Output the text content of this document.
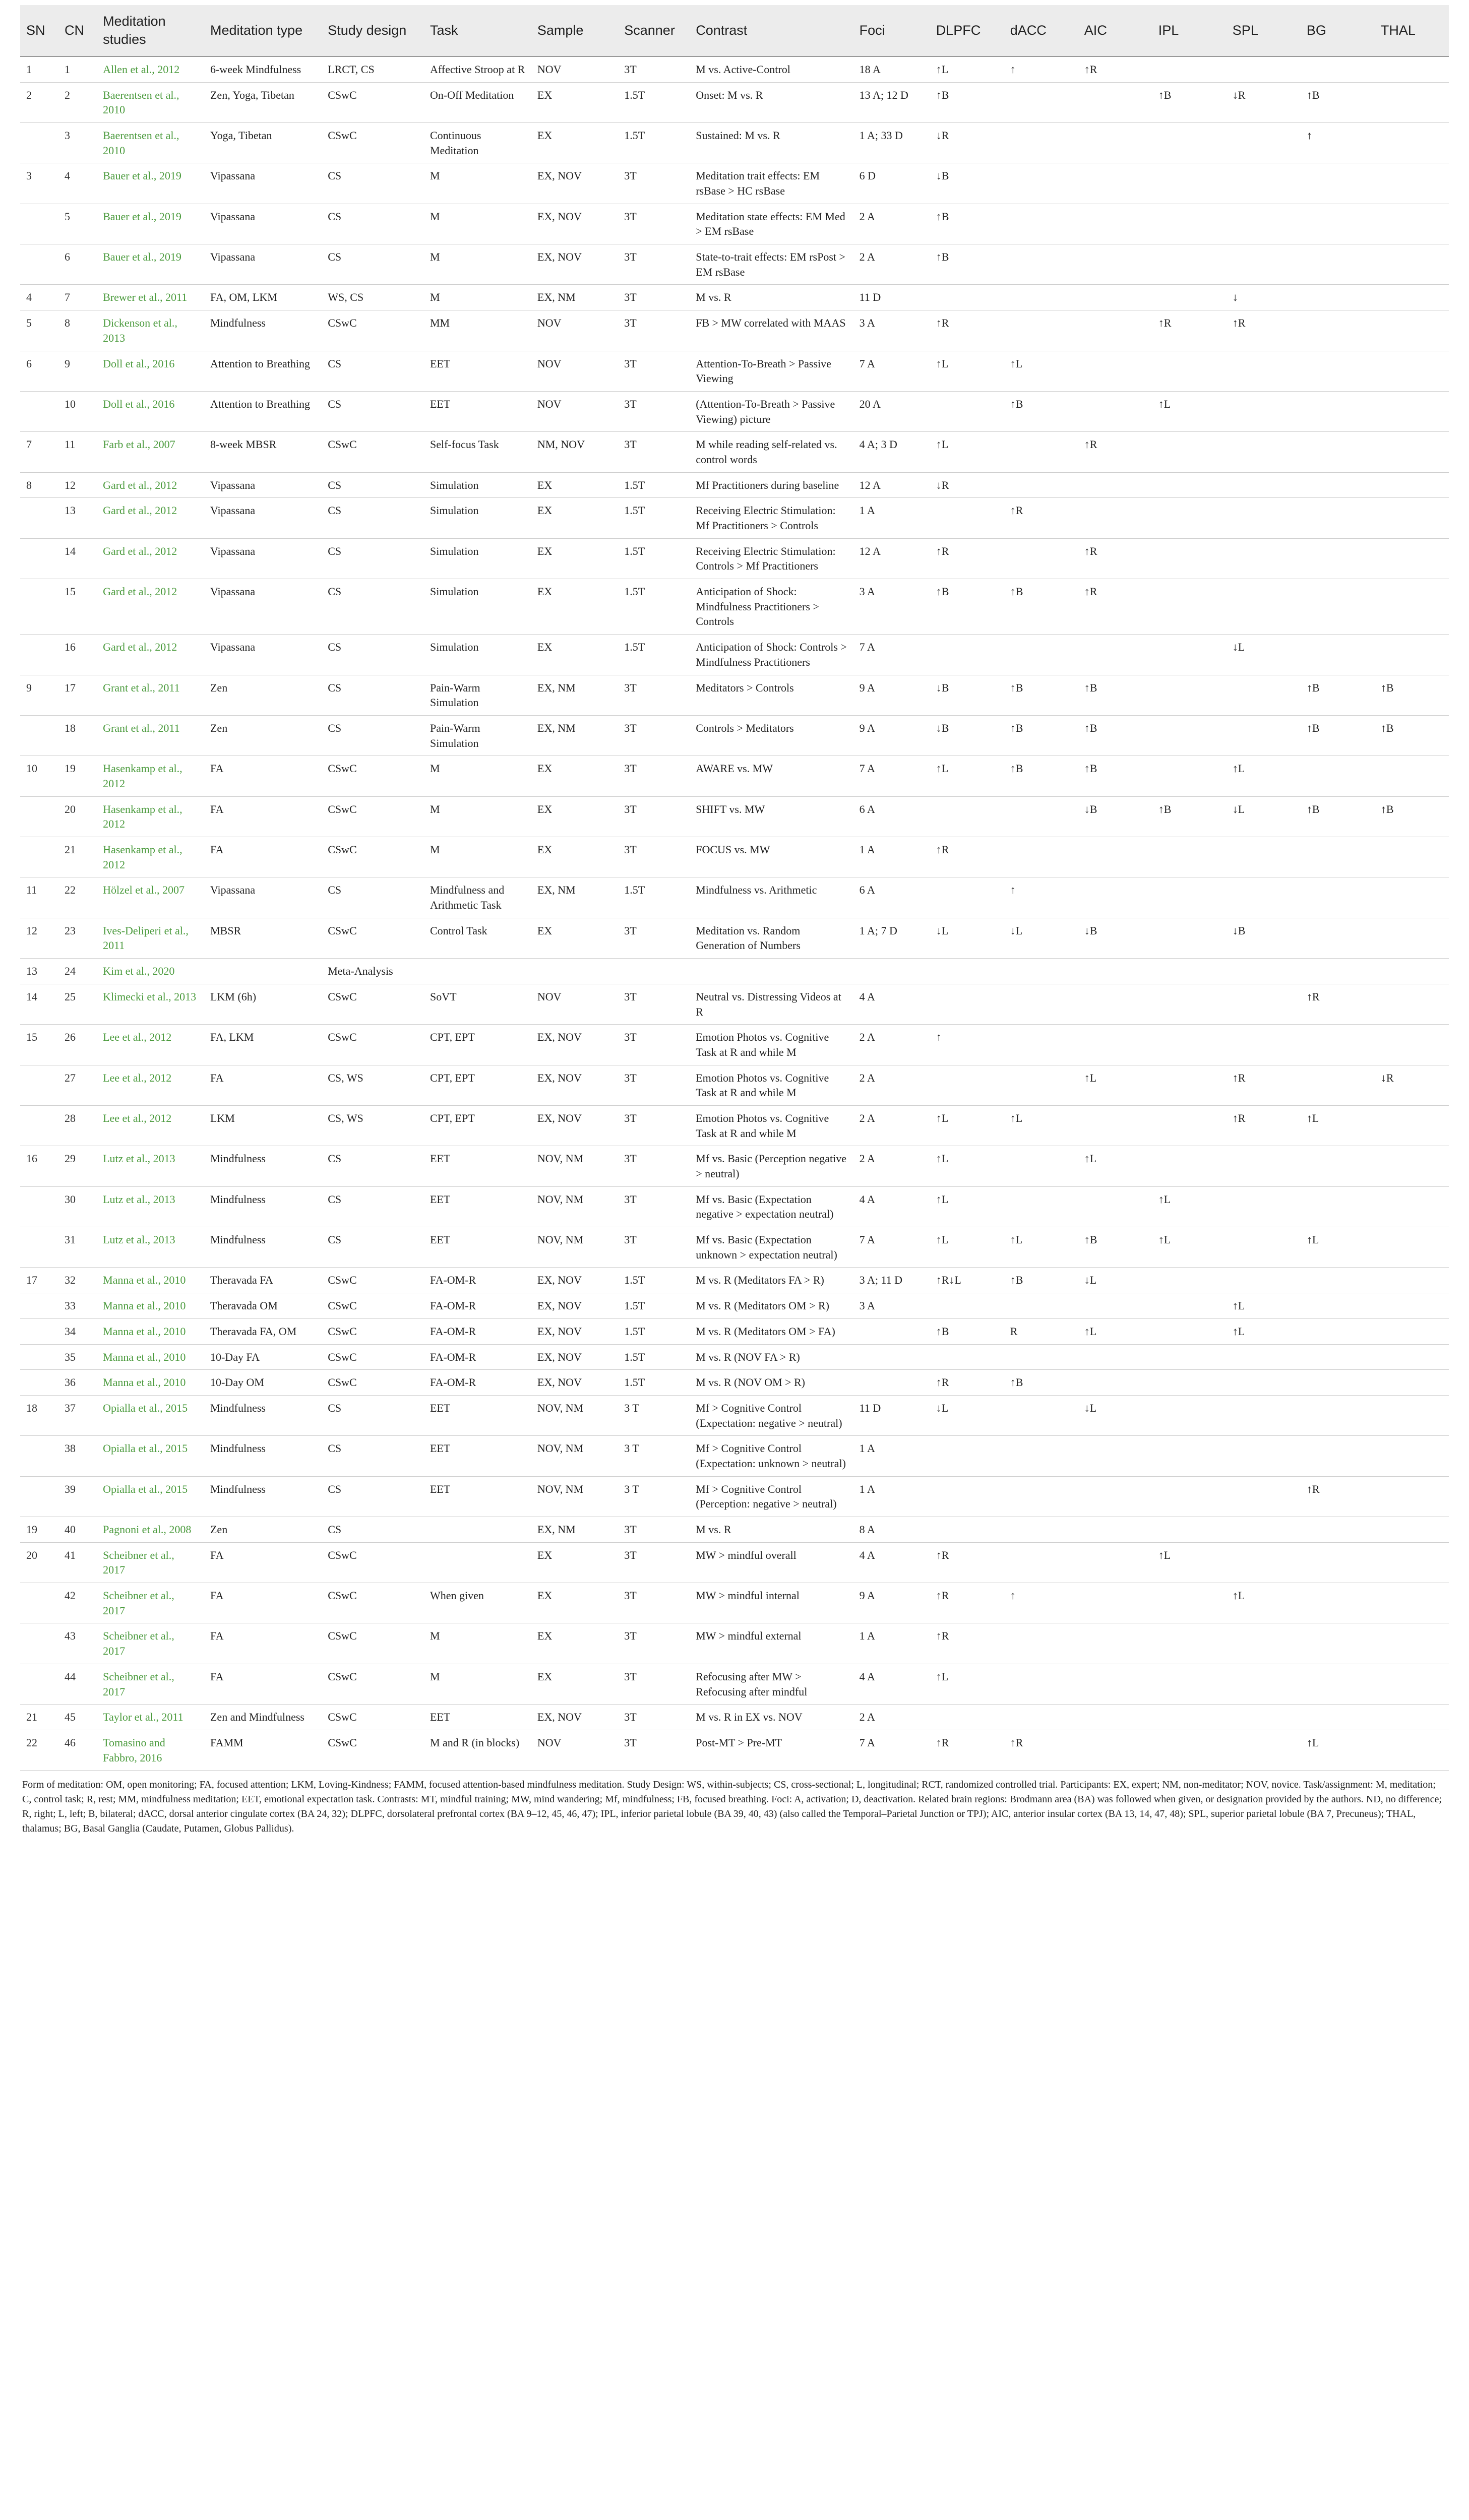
SN	CN	Meditation studies	Meditation type	Study design	Task	Sample	Scanner	Contrast	Foci	DLPFC	dACC	AIC	IPL	SPL	BG	THAL
1	1	Allen et al., 2012	6-week Mindfulness	LRCT, CS	Affective Stroop at R	NOV	3T	M vs. Active-Control	18 A	↑L	↑	↑R				
2	2	Baerentsen et al., 2010	Zen, Yoga, Tibetan	CSwC	On-Off Meditation	EX	1.5T	Onset: M vs. R	13 A; 12 D	↑B			↑B	↓R	↑B	
	3	Baerentsen et al., 2010	Yoga, Tibetan	CSwC	Continuous Meditation	EX	1.5T	Sustained: M vs. R	1 A; 33 D	↓R					↑	
3	4	Bauer et al., 2019	Vipassana	CS	M	EX, NOV	3T	Meditation trait effects: EM rsBase > HC rsBase	6 D	↓B						
	5	Bauer et al., 2019	Vipassana	CS	M	EX, NOV	3T	Meditation state effects: EM Med > EM rsBase	2 A	↑B						
	6	Bauer et al., 2019	Vipassana	CS	M	EX, NOV	3T	State-to-trait effects: EM rsPost > EM rsBase	2 A	↑B						
4	7	Brewer et al., 2011	FA, OM, LKM	WS, CS	M	EX, NM	3T	M vs. R	11 D					↓		
5	8	Dickenson et al., 2013	Mindfulness	CSwC	MM	NOV	3T	FB > MW correlated with MAAS	3 A	↑R			↑R	↑R		
6	9	Doll et al., 2016	Attention to Breathing	CS	EET	NOV	3T	Attention-To-Breath > Passive Viewing	7 A	↑L	↑L					
	10	Doll et al., 2016	Attention to Breathing	CS	EET	NOV	3T	(Attention-To-Breath > Passive Viewing) picture	20 A		↑B		↑L			
7	11	Farb et al., 2007	8-week MBSR	CSwC	Self-focus Task	NM, NOV	3T	M while reading self-related vs. control words	4 A; 3 D	↑L		↑R				
8	12	Gard et al., 2012	Vipassana	CS	Simulation	EX	1.5T	Mf Practitioners during baseline	12 A	↓R						
	13	Gard et al., 2012	Vipassana	CS	Simulation	EX	1.5T	Receiving Electric Stimulation: Mf Practitioners > Controls	1 A		↑R					
	14	Gard et al., 2012	Vipassana	CS	Simulation	EX	1.5T	Receiving Electric Stimulation: Controls > Mf Practitioners	12 A	↑R		↑R				
	15	Gard et al., 2012	Vipassana	CS	Simulation	EX	1.5T	Anticipation of Shock: Mindfulness Practitioners > Controls	3 A	↑B	↑B	↑R				
	16	Gard et al., 2012	Vipassana	CS	Simulation	EX	1.5T	Anticipation of Shock: Controls > Mindfulness Practitioners	7 A					↓L		
9	17	Grant et al., 2011	Zen	CS	Pain-Warm Simulation	EX, NM	3T	Meditators > Controls	9 A	↓B	↑B	↑B			↑B	↑B
	18	Grant et al., 2011	Zen	CS	Pain-Warm Simulation	EX, NM	3T	Controls > Meditators	9 A	↓B	↑B	↑B			↑B	↑B
10	19	Hasenkamp et al., 2012	FA	CSwC	M	EX	3T	AWARE vs. MW	7 A	↑L	↑B	↑B		↑L		
	20	Hasenkamp et al., 2012	FA	CSwC	M	EX	3T	SHIFT vs. MW	6 A			↓B	↑B	↓L	↑B	↑B
	21	Hasenkamp et al., 2012	FA	CSwC	M	EX	3T	FOCUS vs. MW	1 A	↑R						
11	22	Hölzel et al., 2007	Vipassana	CS	Mindfulness and Arithmetic Task	EX, NM	1.5T	Mindfulness vs. Arithmetic	6 A		↑					
12	23	Ives-Deliperi et al., 2011	MBSR	CSwC	Control Task	EX	3T	Meditation vs. Random Generation of Numbers	1 A; 7 D	↓L	↓L	↓B		↓B		
13	24	Kim et al., 2020		Meta-Analysis												
14	25	Klimecki et al., 2013	LKM (6h)	CSwC	SoVT	NOV	3T	Neutral vs. Distressing Videos at R	4 A						↑R	
15	26	Lee et al., 2012	FA, LKM	CSwC	CPT, EPT	EX, NOV	3T	Emotion Photos vs. Cognitive Task at R and while M	2 A	↑						
	27	Lee et al., 2012	FA	CS, WS	CPT, EPT	EX, NOV	3T	Emotion Photos vs. Cognitive Task at R and while M	2 A			↑L		↑R		↓R
	28	Lee et al., 2012	LKM	CS, WS	CPT, EPT	EX, NOV	3T	Emotion Photos vs. Cognitive Task at R and while M	2 A	↑L	↑L			↑R	↑L	
16	29	Lutz et al., 2013	Mindfulness	CS	EET	NOV, NM	3T	Mf vs. Basic (Perception negative > neutral)	2 A	↑L		↑L				
	30	Lutz et al., 2013	Mindfulness	CS	EET	NOV, NM	3T	Mf vs. Basic (Expectation negative > expectation neutral)	4 A	↑L			↑L			
	31	Lutz et al., 2013	Mindfulness	CS	EET	NOV, NM	3T	Mf vs. Basic (Expectation unknown > expectation neutral)	7 A	↑L	↑L	↑B	↑L		↑L	
17	32	Manna et al., 2010	Theravada FA	CSwC	FA-OM-R	EX, NOV	1.5T	M vs. R (Meditators FA > R)	3 A; 11 D	↑R↓L	↑B	↓L				
	33	Manna et al., 2010	Theravada OM	CSwC	FA-OM-R	EX, NOV	1.5T	M vs. R (Meditators OM > R)	3 A					↑L		
	34	Manna et al., 2010	Theravada FA, OM	CSwC	FA-OM-R	EX, NOV	1.5T	M vs. R (Meditators OM > FA)		↑B	R	↑L		↑L		
	35	Manna et al., 2010	10-Day FA	CSwC	FA-OM-R	EX, NOV	1.5T	M vs. R (NOV FA > R)								
	36	Manna et al., 2010	10-Day OM	CSwC	FA-OM-R	EX, NOV	1.5T	M vs. R (NOV OM > R)		↑R	↑B					
18	37	Opialla et al., 2015	Mindfulness	CS	EET	NOV, NM	3 T	Mf > Cognitive Control (Expectation: negative > neutral)	11 D	↓L		↓L				
	38	Opialla et al., 2015	Mindfulness	CS	EET	NOV, NM	3 T	Mf > Cognitive Control (Expectation: unknown > neutral)	1 A							
	39	Opialla et al., 2015	Mindfulness	CS	EET	NOV, NM	3 T	Mf > Cognitive Control (Perception: negative > neutral)	1 A						↑R	
19	40	Pagnoni et al., 2008	Zen	CS		EX, NM	3T	M vs. R	8 A							
20	41	Scheibner et al., 2017	FA	CSwC		EX	3T	MW > mindful overall	4 A	↑R			↑L			
	42	Scheibner et al., 2017	FA	CSwC	When given	EX	3T	MW > mindful internal	9 A	↑R	↑			↑L		
	43	Scheibner et al., 2017	FA	CSwC	M	EX	3T	MW > mindful external	1 A	↑R						
	44	Scheibner et al., 2017	FA	CSwC	M	EX	3T	Refocusing after MW > Refocusing after mindful	4 A	↑L						
21	45	Taylor et al., 2011	Zen and Mindfulness	CSwC	EET	EX, NOV	3T	M vs. R in EX vs. NOV	2 A							
22	46	Tomasino and Fabbro, 2016	FAMM	CSwC	M and R (in blocks)	NOV	3T	Post-MT > Pre-MT	7 A	↑R	↑R				↑L	
Form of meditation: OM, open monitoring; FA, focused attention; LKM, Loving-Kindness; FAMM, focused attention-based mindfulness meditation. Study Design: WS, within-subjects; CS, cross-sectional; L, longitudinal; RCT, randomized controlled trial. Participants: EX, expert; NM, non-meditator; NOV, novice. Task/assignment: M, meditation; C, control task; R, rest; MM, mindfulness meditation; EET, emotional expectation task. Contrasts: MT, mindful training; MW, mind wandering; Mf, mindfulness; FB, focused breathing. Foci: A, activation; D, deactivation. Related brain regions: Brodmann area (BA) was followed when given, or designation provided by the authors. ND, no difference; R, right; L, left; B, bilateral; dACC, dorsal anterior cingulate cortex (BA 24, 32); DLPFC, dorsolateral prefrontal cortex (BA 9–12, 45, 46, 47); IPL, inferior parietal lobule (BA 39, 40, 43) (also called the Temporal–Parietal Junction or TPJ); AIC, anterior insular cortex (BA 13, 14, 47, 48); SPL, superior parietal lobule (BA 7, Precuneus); THAL, thalamus; BG, Basal Ganglia (Caudate, Putamen, Globus Pallidus).
